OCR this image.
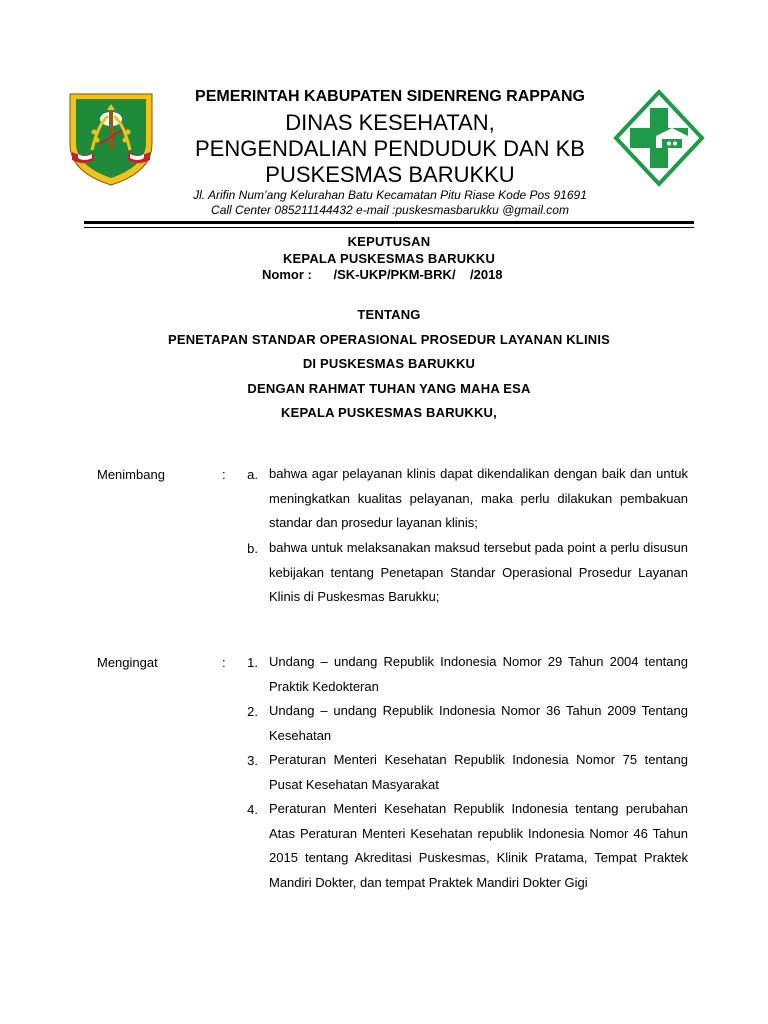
PEMERINTAH KABUPATEN SIDENRENG RAPPANG
DINAS KESEHATAN,
PENGENDALIAN PENDUDUK DAN KB
PUSKESMAS BARUKKU
Jl. Arifin Num’ang Kelurahan Batu Kecamatan Pitu Riase Kode Pos 91691
Call Center 085211144432 e-mail :puskesmasbarukku @gmail.com
KEPUTUSAN
KEPALA PUSKESMAS BARUKKU
Nomor :      /SK-UKP/PKM-BRK/    /2018
TENTANG
PENETAPAN STANDAR OPERASIONAL PROSEDUR LAYANAN KLINIS
DI PUSKESMAS BARUKKU
DENGAN RAHMAT TUHAN YANG MAHA ESA
KEPALA PUSKESMAS BARUKKU,
Menimbang	:	a. bahwa agar pelayanan klinis dapat dikendalikan dengan baik dan untuk meningkatkan kualitas pelayanan, maka perlu dilakukan pembakuan standar dan prosedur layanan klinis;
b. bahwa untuk melaksanakan maksud tersebut pada point a perlu disusun kebijakan tentang Penetapan Standar Operasional Prosedur Layanan Klinis di Puskesmas Barukku;
Mengingat	:	1. Undang – undang Republik Indonesia Nomor 29 Tahun 2004 tentang Praktik Kedokteran
2. Undang – undang Republik Indonesia Nomor 36 Tahun 2009 Tentang Kesehatan
3. Peraturan Menteri Kesehatan Republik Indonesia Nomor 75 tentang Pusat Kesehatan Masyarakat
4. Peraturan Menteri Kesehatan Republik Indonesia tentang perubahan Atas Peraturan Menteri Kesehatan republik Indonesia Nomor 46 Tahun 2015 tentang Akreditasi Puskesmas, Klinik Pratama, Tempat Praktek Mandiri Dokter, dan tempat Praktek Mandiri Dokter Gigi
